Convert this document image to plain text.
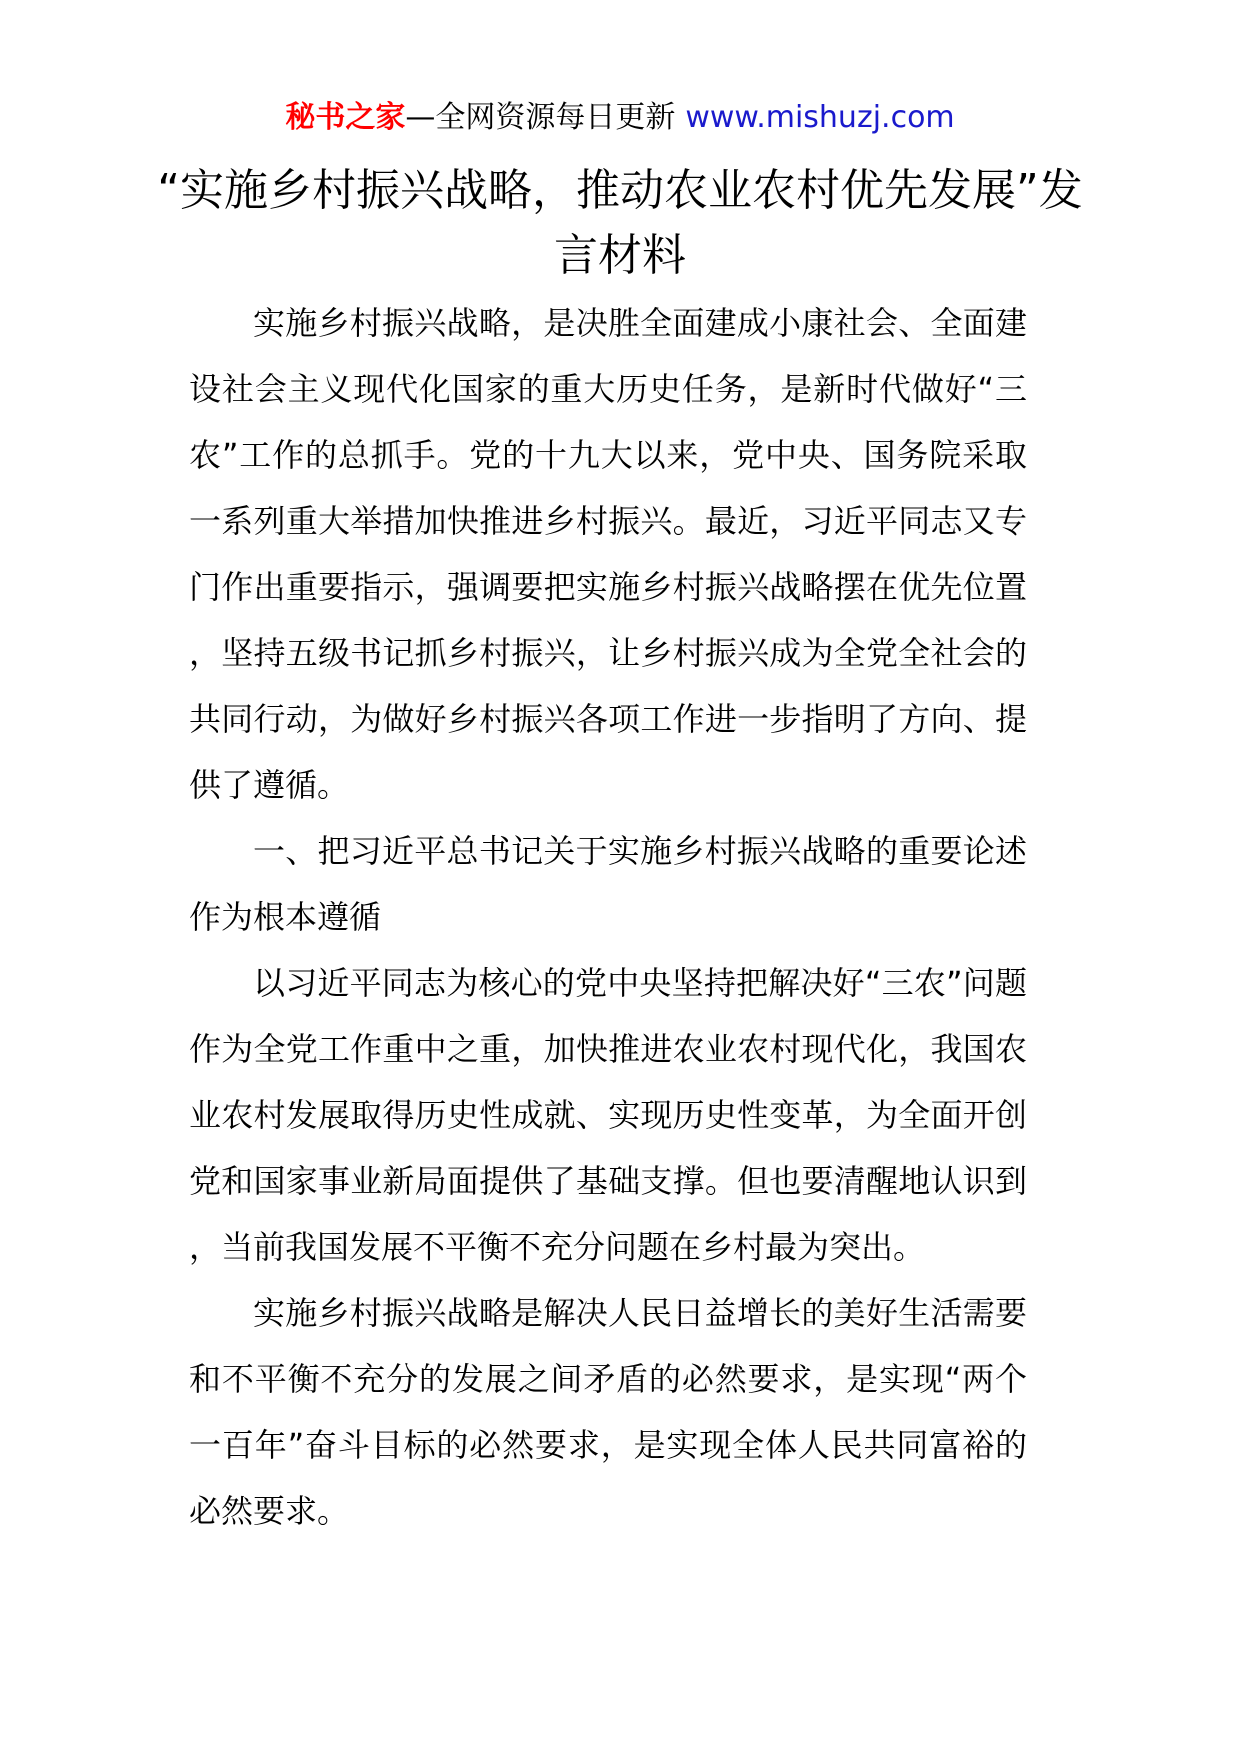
秘书之家—全网资源每日更新 www.mishuzj.com
“实施乡村振兴战略，推动农业农村优先发展”发言材料

实施乡村振兴战略，是决胜全面建成小康社会、全面建设社会主义现代化国家的重大历史任务，是新时代做好“三农”工作的总抓手。党的十九大以来，党中央、国务院采取一系列重大举措加快推进乡村振兴。最近，习近平同志又专门作出重要指示，强调要把实施乡村振兴战略摆在优先位置，坚持五级书记抓乡村振兴，让乡村振兴成为全党全社会的共同行动，为做好乡村振兴各项工作进一步指明了方向、提供了遵循。

一、把习近平总书记关于实施乡村振兴战略的重要论述作为根本遵循

以习近平同志为核心的党中央坚持把解决好“三农”问题作为全党工作重中之重，加快推进农业农村现代化，我国农业农村发展取得历史性成就、实现历史性变革，为全面开创党和国家事业新局面提供了基础支撑。但也要清醒地认识到，当前我国发展不平衡不充分问题在乡村最为突出。

实施乡村振兴战略是解决人民日益增长的美好生活需要和不平衡不充分的发展之间矛盾的必然要求，是实现“两个一百年”奋斗目标的必然要求，是实现全体人民共同富裕的必然要求。
